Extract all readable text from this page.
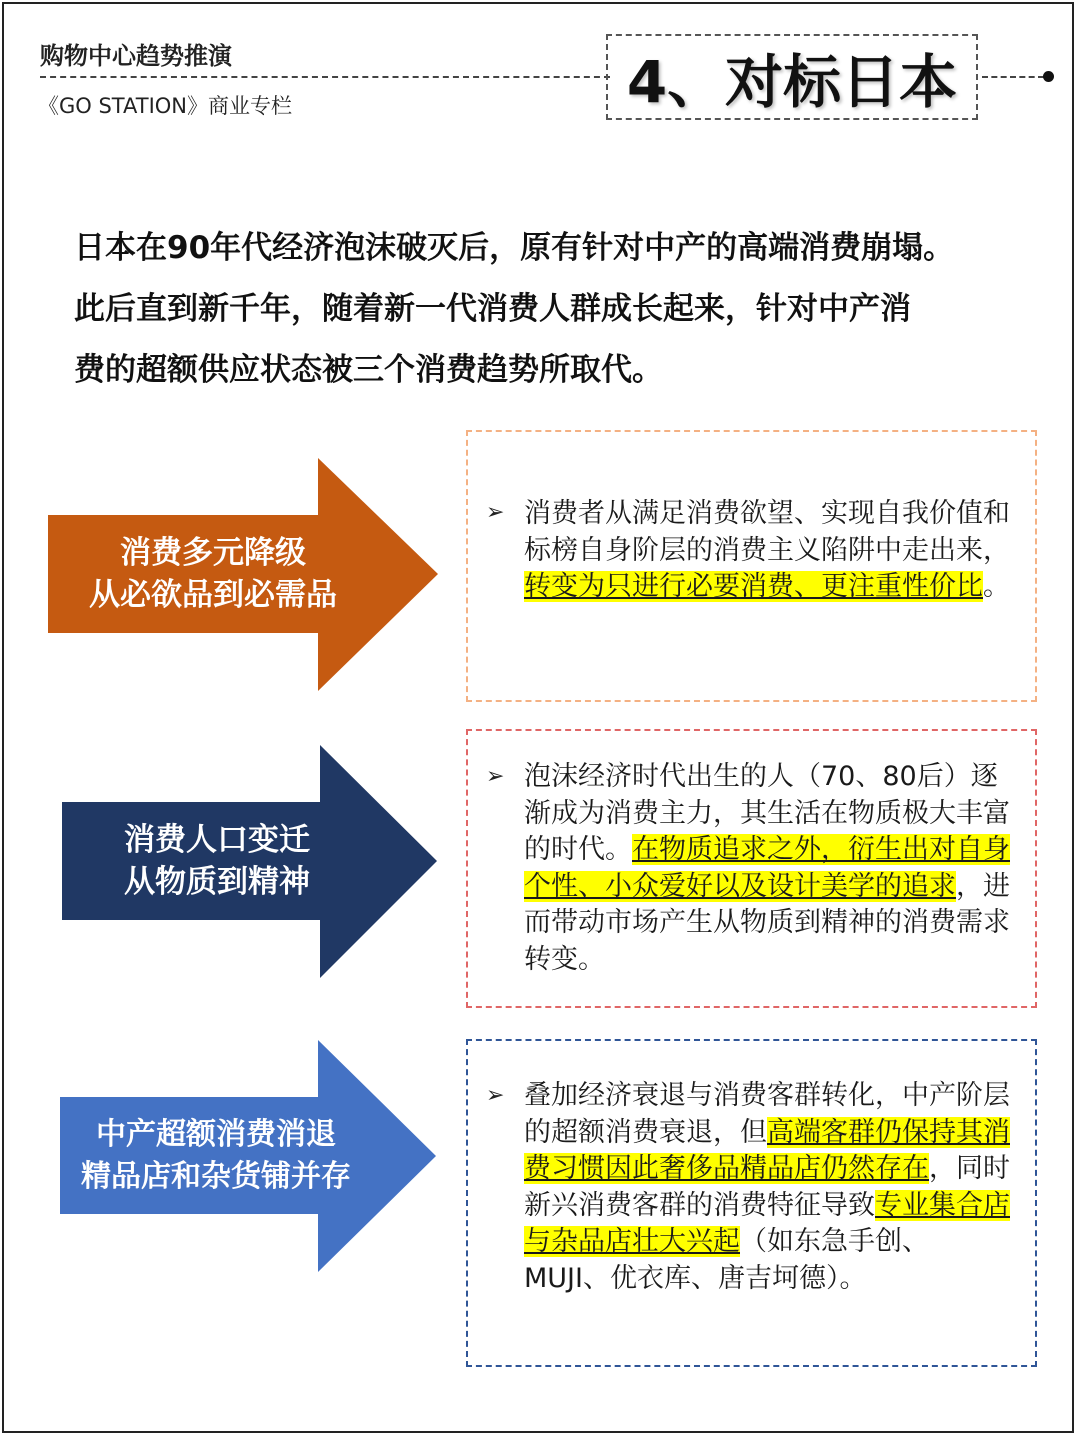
购物中心趋势推演
《GO STATION》商业专栏	4、对标日本
日本在90年代经济泡沫破灭后，原有针对中产的高端消费崩塌。
此后直到新千年，随着新一代消费人群成长起来，针对中产消
费的超额供应状态被三个消费趋势所取代。
消费多元降级
从必欲品到必需品
➢ 消费者从满足消费欲望、实现自我价值和标榜自身阶层的消费主义陷阱中走出来，转变为只进行必要消费、更注重性价比。
消费人口变迁
从物质到精神
➢ 泡沫经济时代出生的人（70、80后）逐渐成为消费主力，其生活在物质极大丰富的时代。在物质追求之外，衍生出对自身个性、小众爱好以及设计美学的追求，进而带动市场产生从物质到精神的消费需求转变。
中产超额消费消退
精品店和杂货铺并存
➢ 叠加经济衰退与消费客群转化，中产阶层的超额消费衰退，但高端客群仍保持其消费习惯因此奢侈品精品店仍然存在，同时新兴消费客群的消费特征导致专业集合店与杂品店壮大兴起（如东急手创、MUJI、优衣库、唐吉坷德）。
